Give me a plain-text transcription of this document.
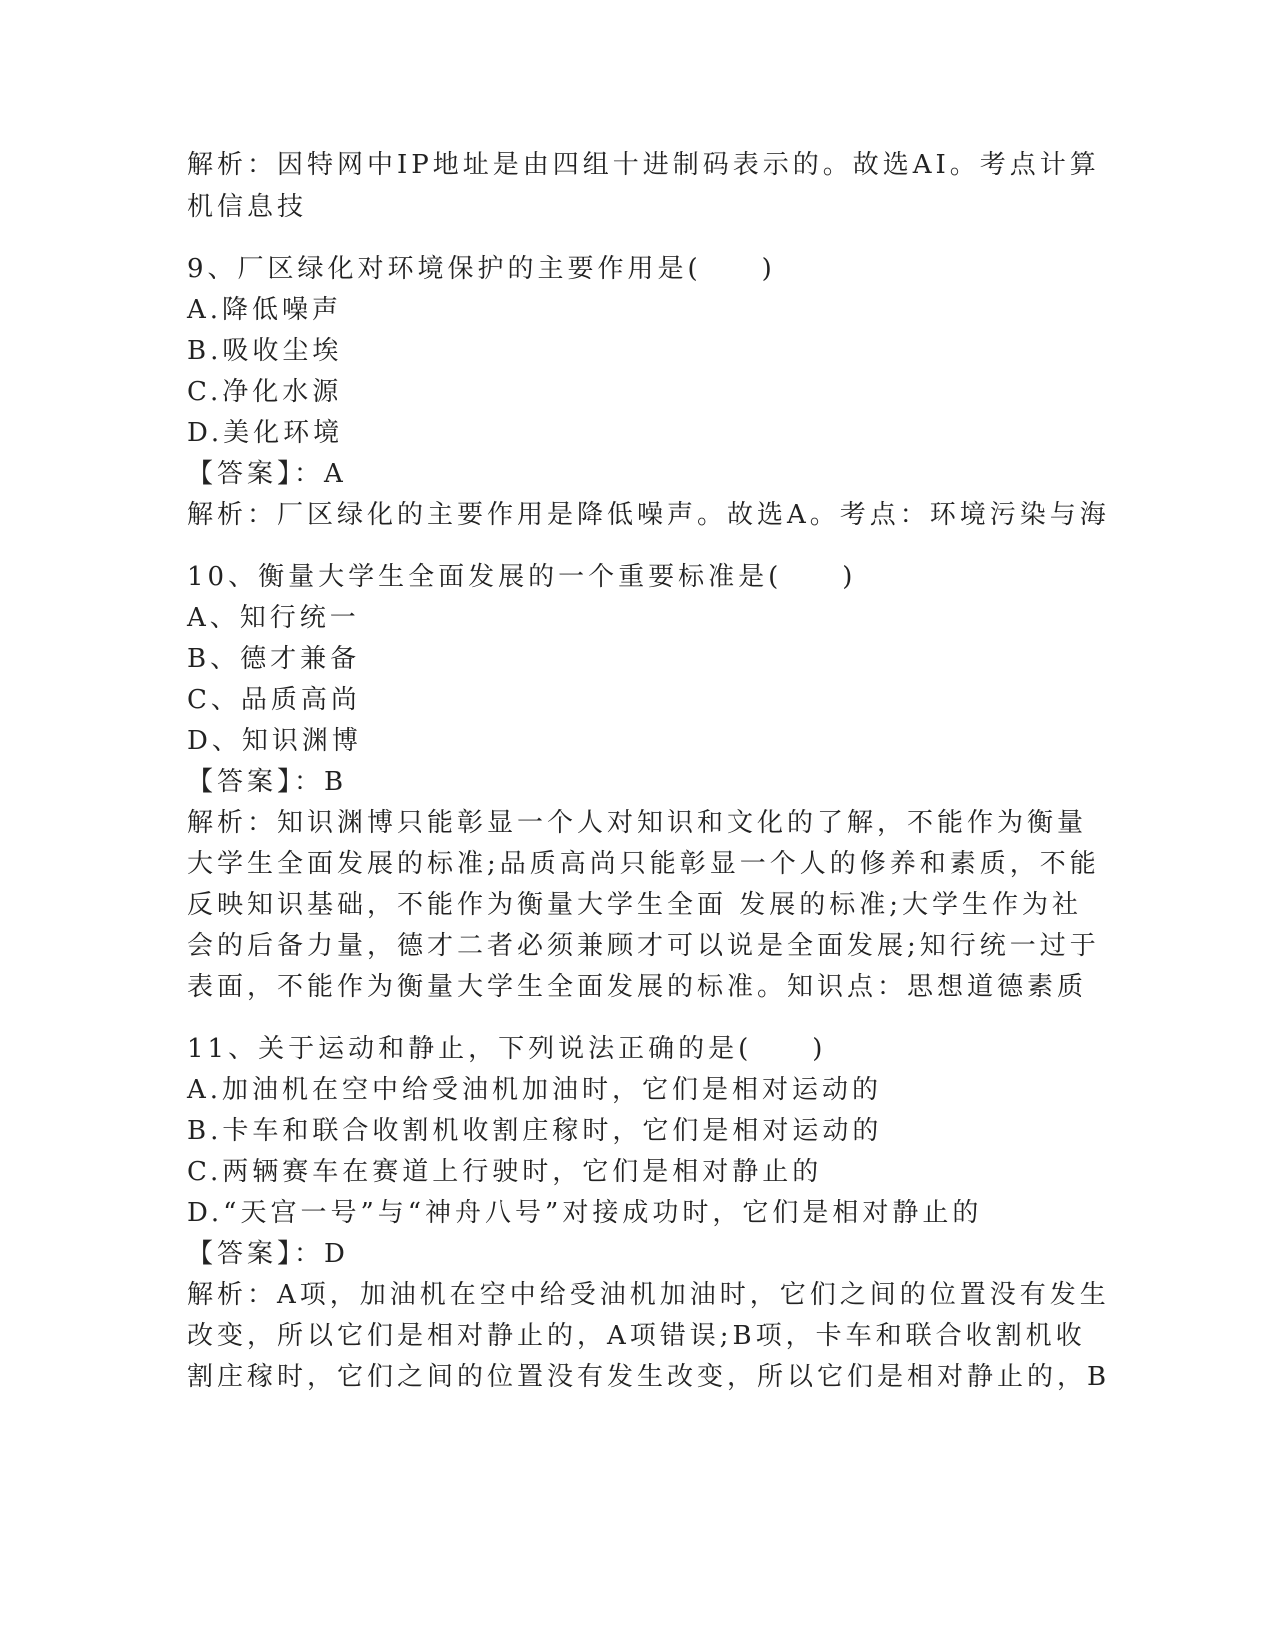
解析：因特网中IP地址是由四组十进制码表示的。故选AI。考点计算
机信息技
9、厂区绿化对环境保护的主要作用是(　　)
A.降低噪声
B.吸收尘埃
C.净化水源
D.美化环境
【答案】：A
解析：厂区绿化的主要作用是降低噪声。故选A。考点：环境污染与海
10、衡量大学生全面发展的一个重要标准是(　　)
A、知行统一
B、德才兼备
C、品质高尚
D、知识渊博
【答案】：B
解析：知识渊博只能彰显一个人对知识和文化的了解，不能作为衡量
大学生全面发展的标准;品质高尚只能彰显一个人的修养和素质，不能
反映知识基础，不能作为衡量大学生全面 发展的标准;大学生作为社
会的后备力量，德才二者必须兼顾才可以说是全面发展;知行统一过于
表面，不能作为衡量大学生全面发展的标准。知识点：思想道德素质
11、关于运动和静止，下列说法正确的是(　　)
A.加油机在空中给受油机加油时，它们是相对运动的
B.卡车和联合收割机收割庄稼时，它们是相对运动的
C.两辆赛车在赛道上行驶时，它们是相对静止的
D.“天宫一号”与“神舟八号”对接成功时，它们是相对静止的
【答案】：D
解析：A项，加油机在空中给受油机加油时，它们之间的位置没有发生
改变，所以它们是相对静止的，A项错误;B项，卡车和联合收割机收
割庄稼时，它们之间的位置没有发生改变，所以它们是相对静止的，B
